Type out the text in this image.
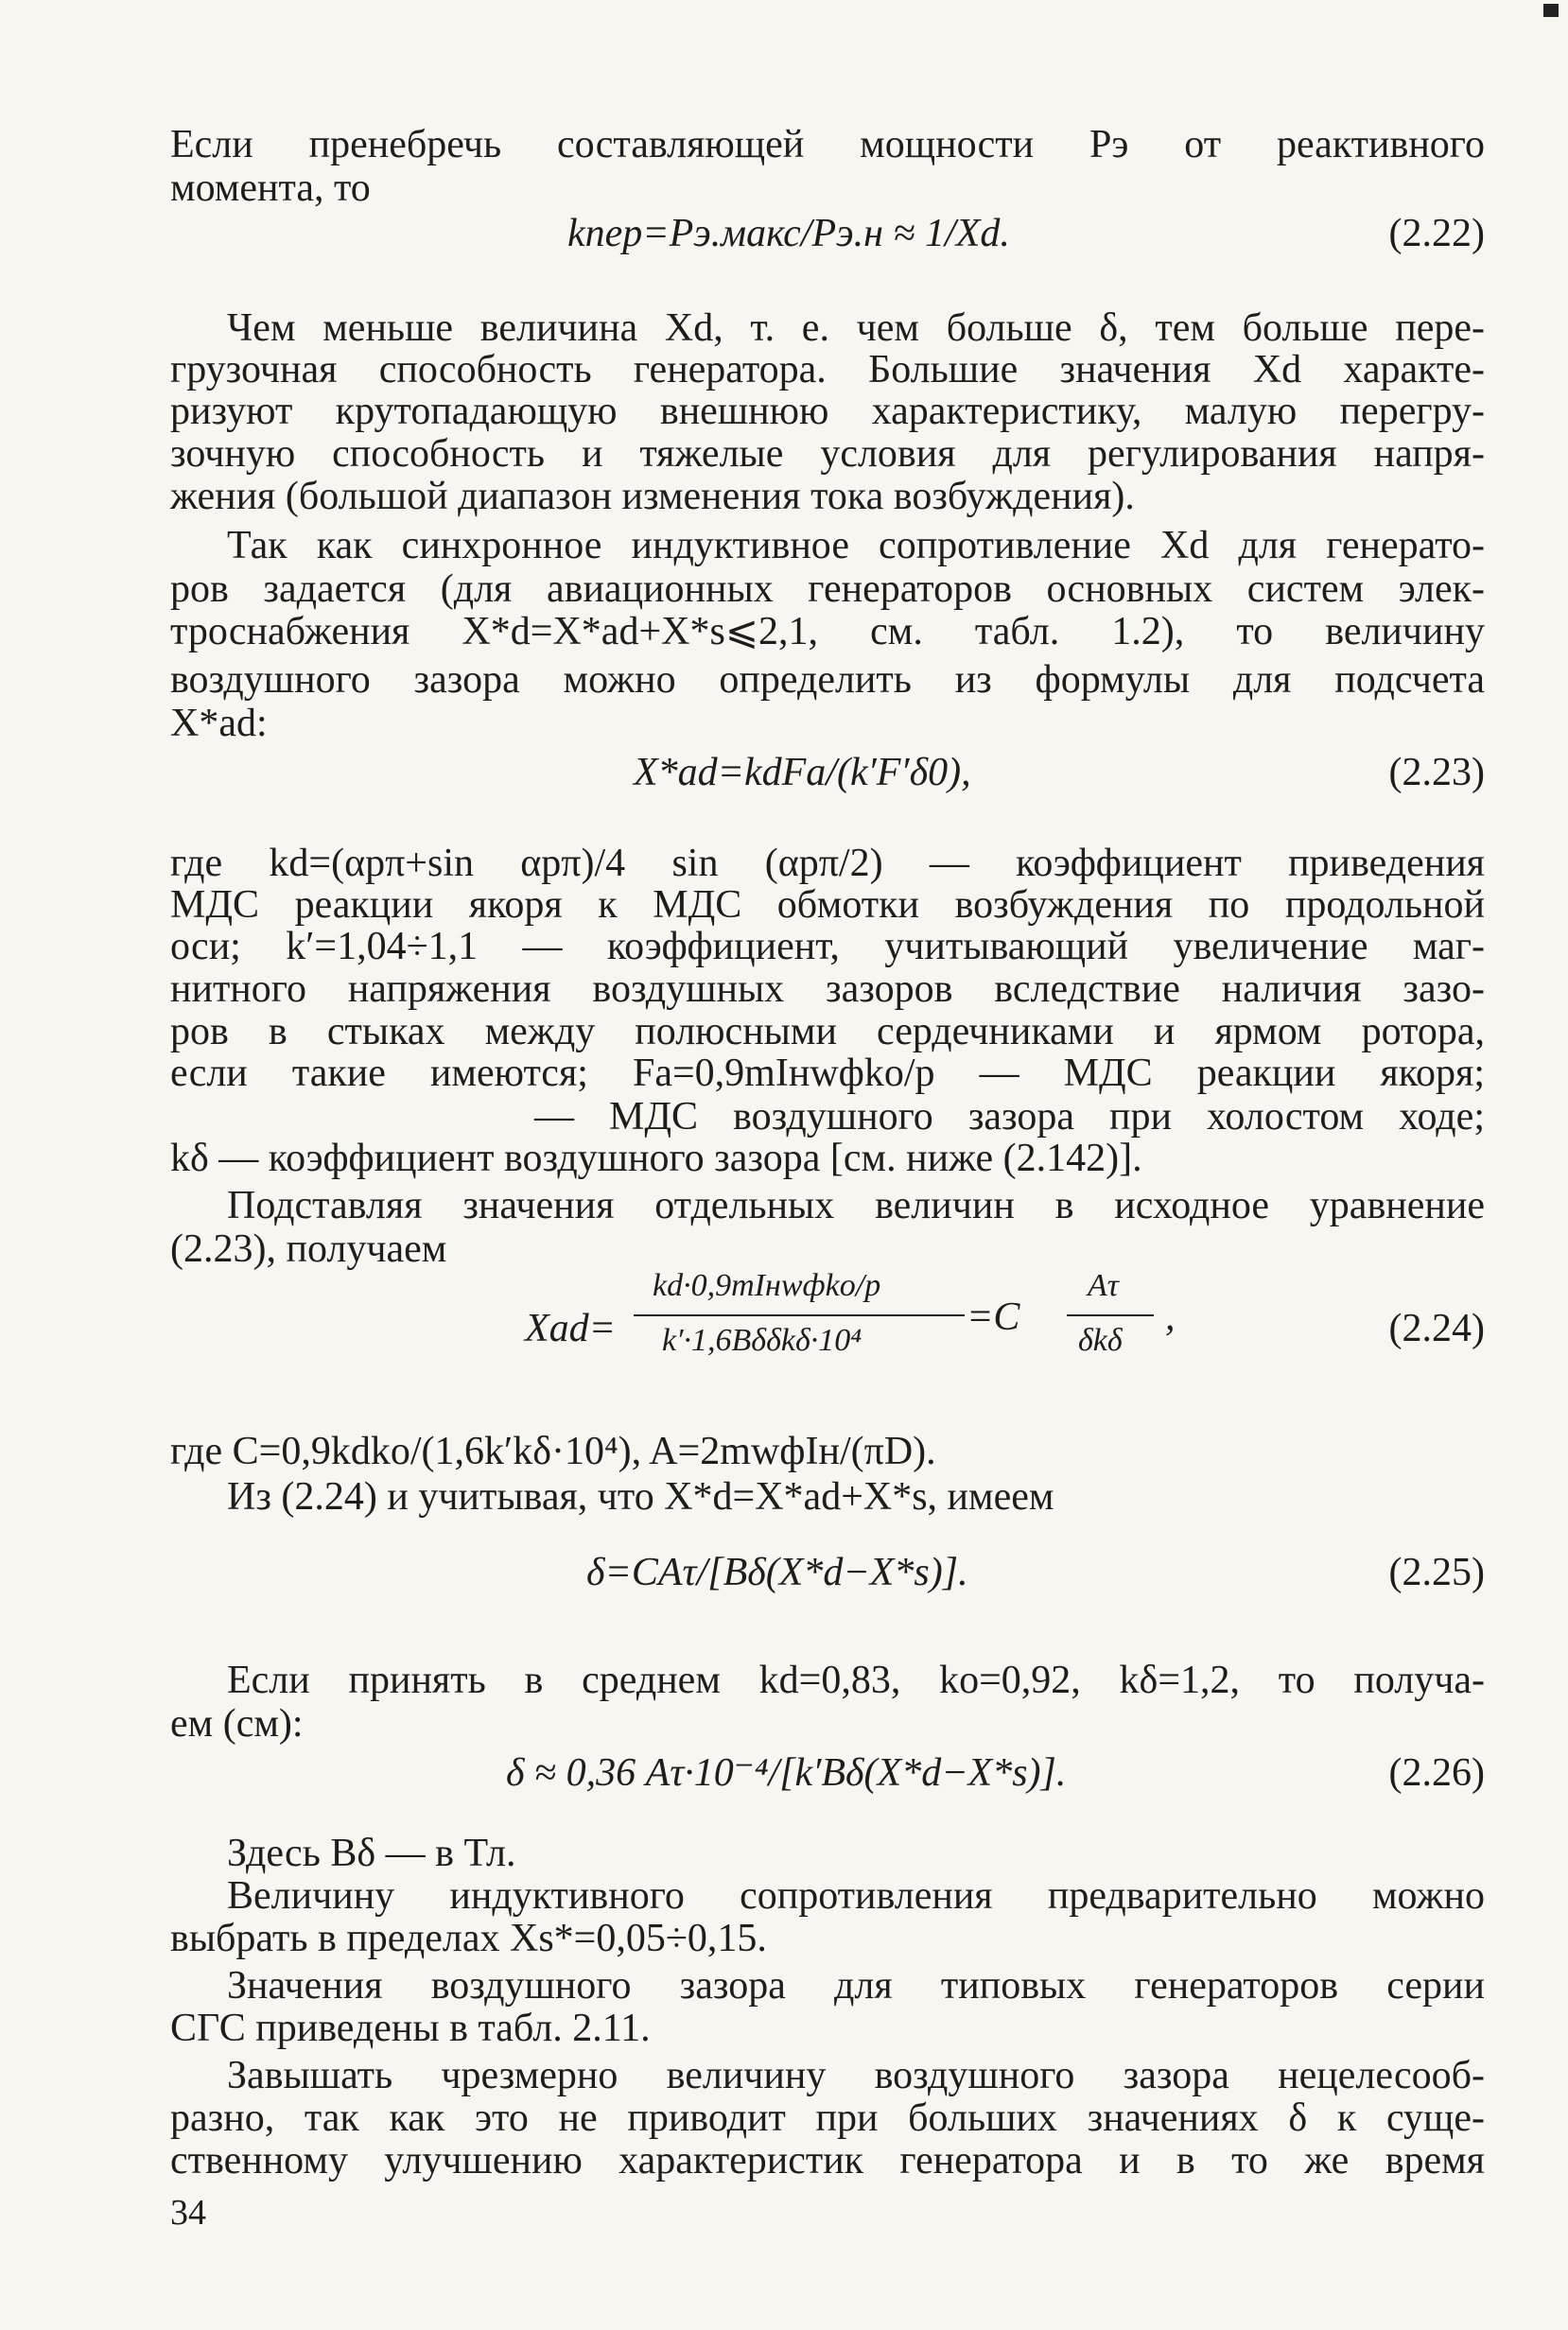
Если пренебречь составляющей мощности Pэ от реактивного
момента, то
kпер=Pэ.макс/Pэ.н ≈ 1/Xd.	(2.22)
Чем меньше величина Xd, т. е. чем больше δ, тем больше пере-
грузочная способность генератора. Большие значения Xd характе-
ризуют крутопадающую внешнюю характеристику, малую перегру-
зочную способность и тяжелые условия для регулирования напря-
жения (большой диапазон изменения тока возбуждения).
Так как синхронное индуктивное сопротивление Xd для генерато-
ров задается (для авиационных генераторов основных систем элек-
троснабжения X*d=X*ad+X*s⩽2,1, см. табл. 1.2), то величину
воздушного зазора можно определить из формулы для подсчета
X*ad:
X*ad=kdFa/(k′F′δ0),	(2.23)
где kd=(αpπ+sin αpπ)/4 sin (αpπ/2) — коэффициент приведения
МДС реакции якоря к МДС обмотки возбуждения по продольной
оси; k′=1,04÷1,1 — коэффициент, учитывающий увеличение маг-
нитного напряжения воздушных зазоров вследствие наличия зазо-
ров в стыках между полюсными сердечниками и ярмом ротора,
если такие имеются; Fa=0,9mIнwфko/p — МДС реакции якоря;
— МДС воздушного зазора при холостом ходе;
kδ — коэффициент воздушного зазора [см. ниже (2.142)].
Подставляя значения отдельных величин в исходное уравнение
(2.23), получаем
Xad=
kd·0,9mIнwфko/p
k′·1,6Bδδkδ·10⁴
=C
Aτ
δkδ
,	(2.24)
где C=0,9kdko/(1,6k′kδ·10⁴), A=2mwфIн/(πD).
Из (2.24) и учитывая, что X*d=X*ad+X*s, имеем
δ=CAτ/[Bδ(X*d−X*s)].	(2.25)
Если принять в среднем kd=0,83, ko=0,92, kδ=1,2, то получа-
ем (см):
δ ≈ 0,36 Aτ·10⁻⁴/[k′Bδ(X*d−X*s)].	(2.26)
Здесь Bδ — в Тл.
Величину индуктивного сопротивления предварительно можно
выбрать в пределах Xs*=0,05÷0,15.
Значения воздушного зазора для типовых генераторов серии
СГС приведены в табл. 2.11.
Завышать чрезмерно величину воздушного зазора нецелесооб-
разно, так как это не приводит при больших значениях δ к суще-
ственному улучшению характеристик генератора и в то же время
34
